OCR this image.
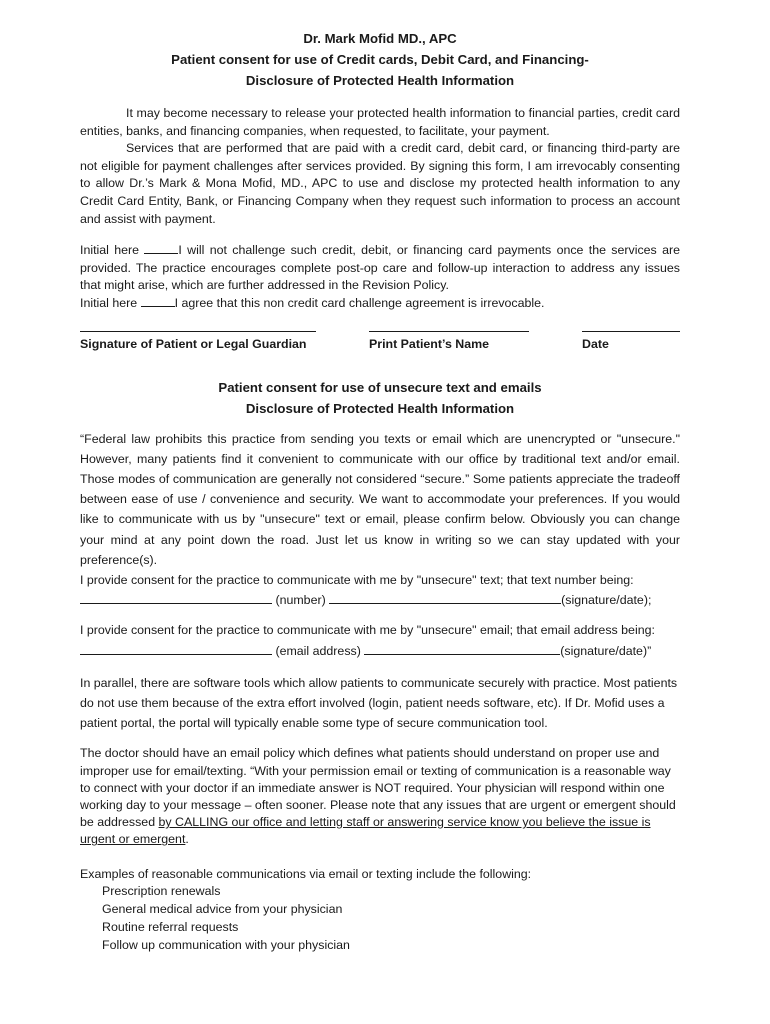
Dr. Mark Mofid MD., APC
Patient consent for use of Credit cards, Debit Card, and Financing-
Disclosure of Protected Health Information

It may become necessary to release your protected health information to financial parties, credit card entities, banks, and financing companies, when requested, to facilitate, your payment.

Services that are performed that are paid with a credit card, debit card, or financing third-party are not eligible for payment challenges after services provided. By signing this form, I am irrevocably consenting to allow Dr.’s Mark & Mona Mofid, MD., APC to use and disclose my protected health information to any Credit Card Entity, Bank, or Financing Company when they request such information to process an account and assist with payment.

Initial here	I will not challenge such credit, debit, or financing card payments once the services are provided. The practice encourages complete post-op care and follow-up interaction to address any issues that might arise, which are further addressed in the Revision Policy.

Initial here	I agree that this non credit card challenge agreement is irrevocable.

Signature of Patient or Legal Guardian	Print Patient’s Name	Date
Patient consent for use of unsecure text and emails
Disclosure of Protected Health Information

“Federal law prohibits this practice from sending you texts or email which are unencrypted or "unsecure." However, many patients find it convenient to communicate with our office by traditional text and/or email. Those modes of communication are generally not considered “secure.” Some patients appreciate the tradeoff between ease of use / convenience and security. We want to accommodate your preferences. If you would like to communicate with us by "unsecure" text or email, please confirm below. Obviously you can change your mind at any point down the road. Just let us know in writing so we can stay updated with your preference(s).

I provide consent for the practice to communicate with me by "unsecure" text; that text number being:

(number)	(signature/date);

I provide consent for the practice to communicate with me by "unsecure" email; that email address being:

(email address)	(signature/date)”

In parallel, there are software tools which allow patients to communicate securely with practice. Most patients do not use them because of the extra effort involved (login, patient needs software, etc). If Dr. Mofid uses a patient portal, the portal will typically enable some type of secure communication tool.

The doctor should have an email policy which defines what patients should understand on proper use and improper use for email/texting. “With your permission email or texting of communication is a reasonable way to connect with your doctor if an immediate answer is NOT required. Your physician will respond within one working day to your message – often sooner. Please note that any issues that are urgent or emergent should be addressed by CALLING our office and letting staff or answering service know you believe the issue is urgent or emergent.

Examples of reasonable communications via email or texting include the following:

Prescription renewals
General medical advice from your physician
Routine referral requests
Follow up communication with your physician
